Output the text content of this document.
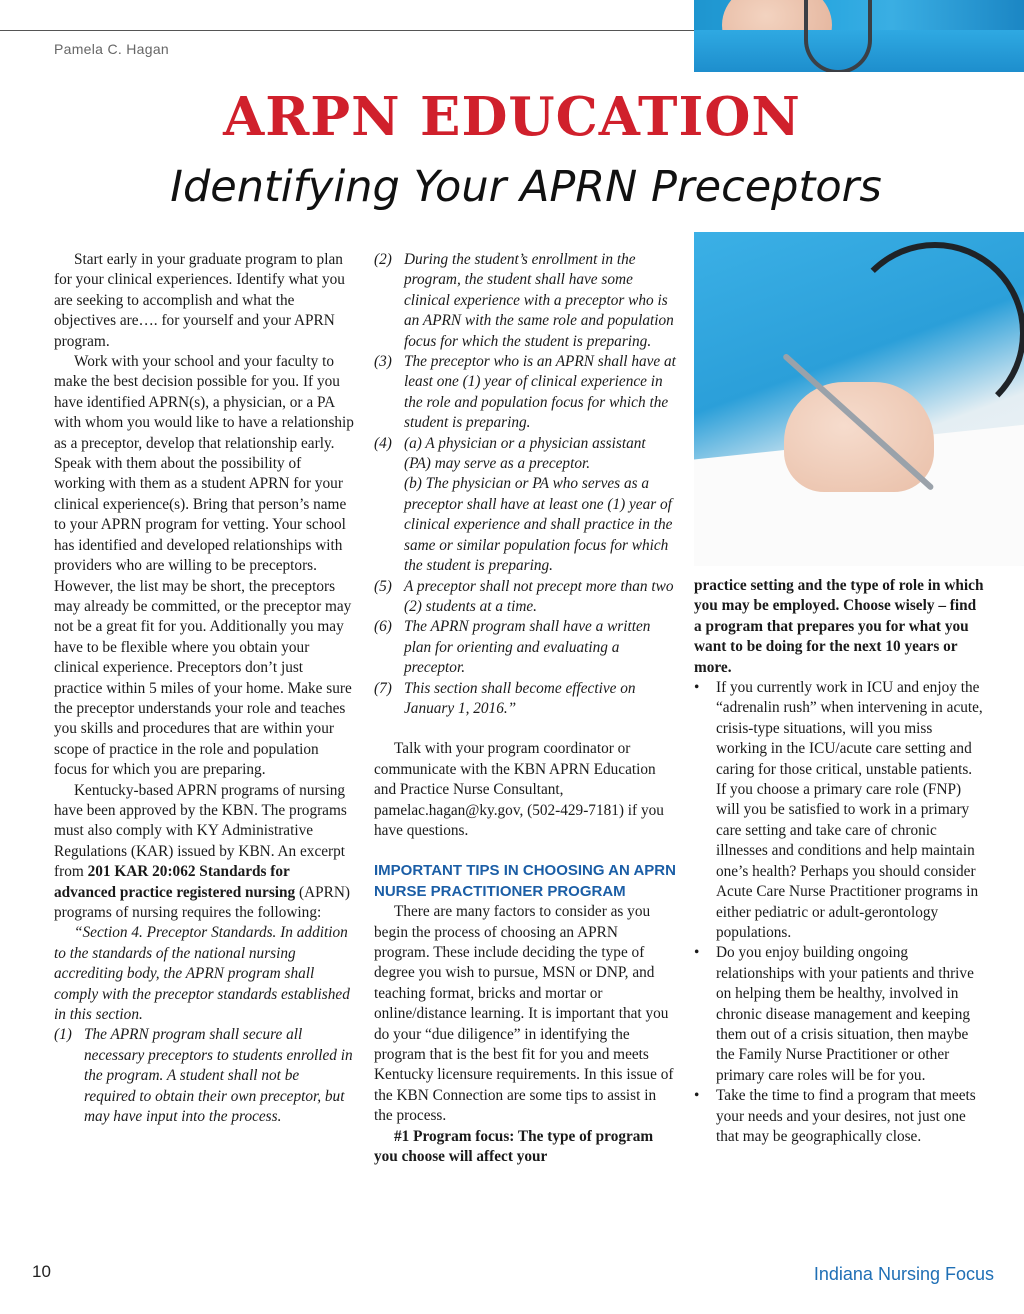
Pamela C. Hagan
ARPN EDUCATION
Identifying Your APRN Preceptors

Start early in your graduate program to plan for your clinical experiences. Identify what you are seeking to accomplish and what the objectives are…. for yourself and your APRN program.

Work with your school and your faculty to make the best decision possible for you. If you have identified APRN(s), a physician, or a PA with whom you would like to have a relationship as a preceptor, develop that relationship early. Speak with them about the possibility of working with them as a student APRN for your clinical experience(s). Bring that person’s name to your APRN program for vetting. Your school has identified and developed relationships with providers who are willing to be preceptors. However, the list may be short, the preceptors may already be committed, or the preceptor may not be a great fit for you. Additionally you may have to be flexible where you obtain your clinical experience. Preceptors don’t just practice within 5 miles of your home. Make sure the preceptor understands your role and teaches you skills and procedures that are within your scope of practice in the role and population focus for which you are preparing.

Kentucky-based APRN programs of nursing have been approved by the KBN. The programs must also comply with KY Administrative Regulations (KAR) issued by KBN. An excerpt from 201 KAR 20:062 Standards for advanced practice registered nursing (APRN) programs of nursing requires the following:

“Section 4. Preceptor Standards. In addition to the standards of the national nursing accrediting body, the APRN program shall comply with the preceptor standards established in this section.

(1) The APRN program shall secure all necessary preceptors to students enrolled in the program. A student shall not be required to obtain their own preceptor, but may have input into the process.
(2) During the student’s enrollment in the program, the student shall have some clinical experience with a preceptor who is an APRN with the same role and population focus for which the student is preparing.
(3) The preceptor who is an APRN shall have at least one (1) year of clinical experience in the role and population focus for which the student is preparing.
(4) (a) A physician or a physician assistant (PA) may serve as a preceptor.
(b) The physician or PA who serves as a preceptor shall have at least one (1) year of clinical experience and shall practice in the same or similar population focus for which the student is preparing.
(5) A preceptor shall not precept more than two (2) students at a time.
(6) The APRN program shall have a written plan for orienting and evaluating a preceptor.
(7) This section shall become effective on January 1, 2016.”

Talk with your program coordinator or communicate with the KBN APRN Education and Practice Nurse Consultant, pamelac.hagan@ky.gov, (502-429-7181) if you have questions.

IMPORTANT TIPS IN CHOOSING AN APRN NURSE PRACTITIONER PROGRAM

There are many factors to consider as you begin the process of choosing an APRN program. These include deciding the type of degree you wish to pursue, MSN or DNP, and teaching format, bricks and mortar or online/distance learning. It is important that you do your “due diligence” in identifying the program that is the best fit for you and meets Kentucky licensure requirements. In this issue of the KBN Connection are some tips to assist in the process.

#1 Program focus: The type of program you choose will affect your

practice setting and the type of role in which you may be employed. Choose wisely – find a program that prepares you for what you want to be doing for the next 10 years or more.

•	If you currently work in ICU and enjoy the “adrenalin rush” when intervening in acute, crisis-type situations, will you miss working in the ICU/acute care setting and caring for those critical, unstable patients. If you choose a primary care role (FNP) will you be satisfied to work in a primary care setting and take care of chronic illnesses and conditions and help maintain one’s health? Perhaps you should consider Acute Care Nurse Practitioner programs in either pediatric or adult-gerontology populations.
•	Do you enjoy building ongoing relationships with your patients and thrive on helping them be healthy, involved in chronic disease management and keeping them out of a crisis situation, then maybe the Family Nurse Practitioner or other primary care roles will be for you.
•	Take the time to find a program that meets your needs and your desires, not just one that may be geographically close.
10	Indiana Nursing Focus
